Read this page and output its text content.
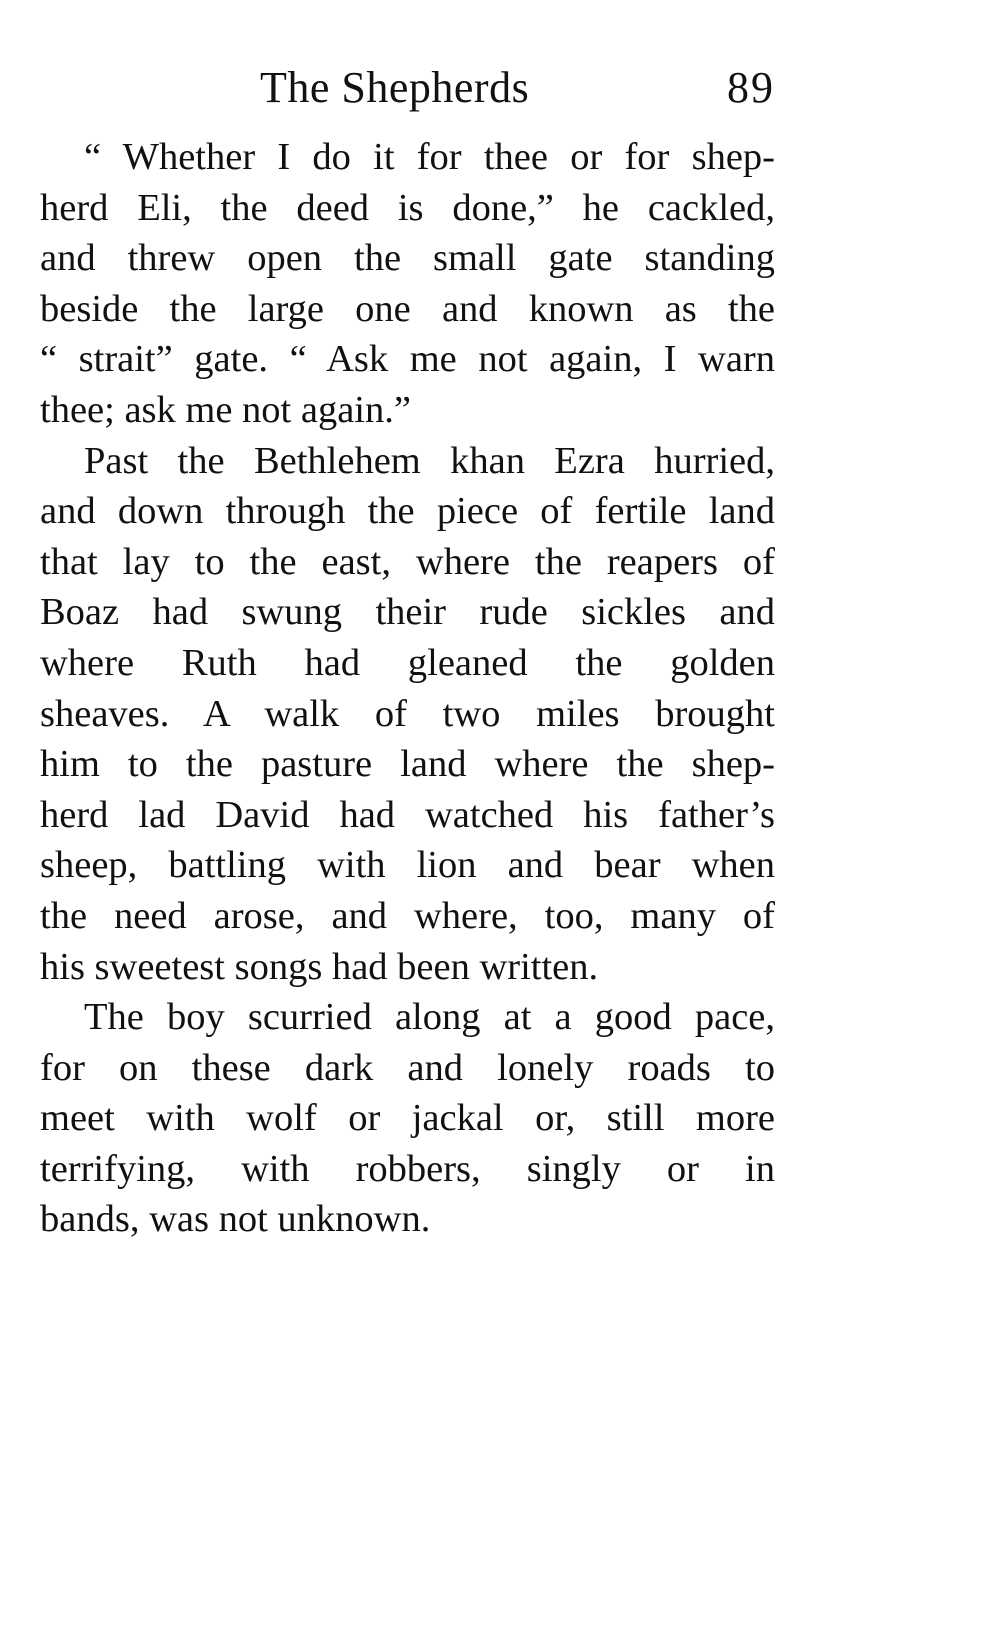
The Shepherds	89
“ Whether I do it for thee or for shep-
herd Eli, the deed is done,” he cackled,
and threw open the small gate standing
beside the large one and known as the
“ strait” gate. “ Ask me not again, I warn
thee; ask me not again.”
Past the Bethlehem khan Ezra hurried,
and down through the piece of fertile land
that lay to the east, where the reapers of
Boaz had swung their rude sickles and
where Ruth had gleaned the golden
sheaves. A walk of two miles brought
him to the pasture land where the shep-
herd lad David had watched his father’s
sheep, battling with lion and bear when
the need arose, and where, too, many of
his sweetest songs had been written.
The boy scurried along at a good pace,
for on these dark and lonely roads to
meet with wolf or jackal or, still more
terrifying, with robbers, singly or in
bands, was not unknown.
